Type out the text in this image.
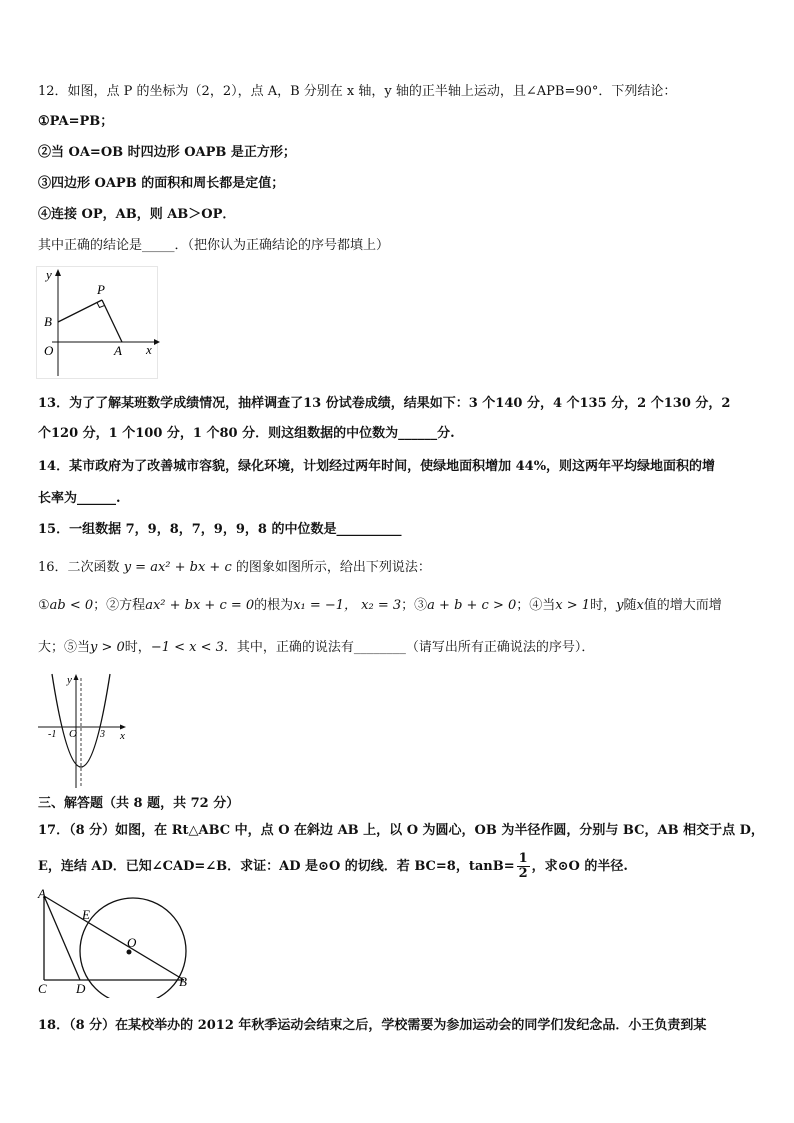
12．如图，点 P 的坐标为（2，2），点 A，B 分别在 x 轴，y 轴的正半轴上运动，且∠APB=90°．下列结论：
①PA=PB；
②当 OA=OB 时四边形 OAPB 是正方形；
③四边形 OAPB 的面积和周长都是定值；
④连接 OP，AB，则 AB＞OP．
其中正确的结论是_____．（把你认为正确结论的序号都填上）
y
x
P
B
O	A
13．为了了解某班数学成绩情况，抽样调查了13 份试卷成绩，结果如下：3 个140 分，4 个135 分，2 个130 分，2
个120 分，1 个100 分，1 个80 分．则这组数据的中位数为______分.
14．某市政府为了改善城市容貌，绿化环境，计划经过两年时间，使绿地面积增加 44%，则这两年平均绿地面积的增
长率为______.
15．一组数据 7，9，8，7，9，9，8 的中位数是__________
16．二次函数 y = ax² + bx + c 的图象如图所示，给出下列说法：
①ab < 0；②方程ax² + bx + c = 0的根为x₁ = −1， x₂ = 3；③a + b + c > 0；④当x > 1时，y随x值的增大而增
大；⑤当y > 0时，−1 < x < 3．其中，正确的说法有________（请写出所有正确说法的序号）．
y
x
-1 O 3
三、解答题（共 8 题，共 72 分）
17．（8 分）如图，在 Rt△ABC 中，点 O 在斜边 AB 上，以 O 为圆心，OB 为半径作圆，分别与 BC，AB 相交于点 D，
E，连结 AD．已知∠CAD=∠B．求证：AD 是⊙O 的切线．若 BC=8，$\tan B= \frac{1}{2}$ ，求⊙O 的半径.
A
E
O
C D	B
18．（8 分）在某校举办的 2012 年秋季运动会结束之后，学校需要为参加运动会的同学们发纪念品．小王负责到某
